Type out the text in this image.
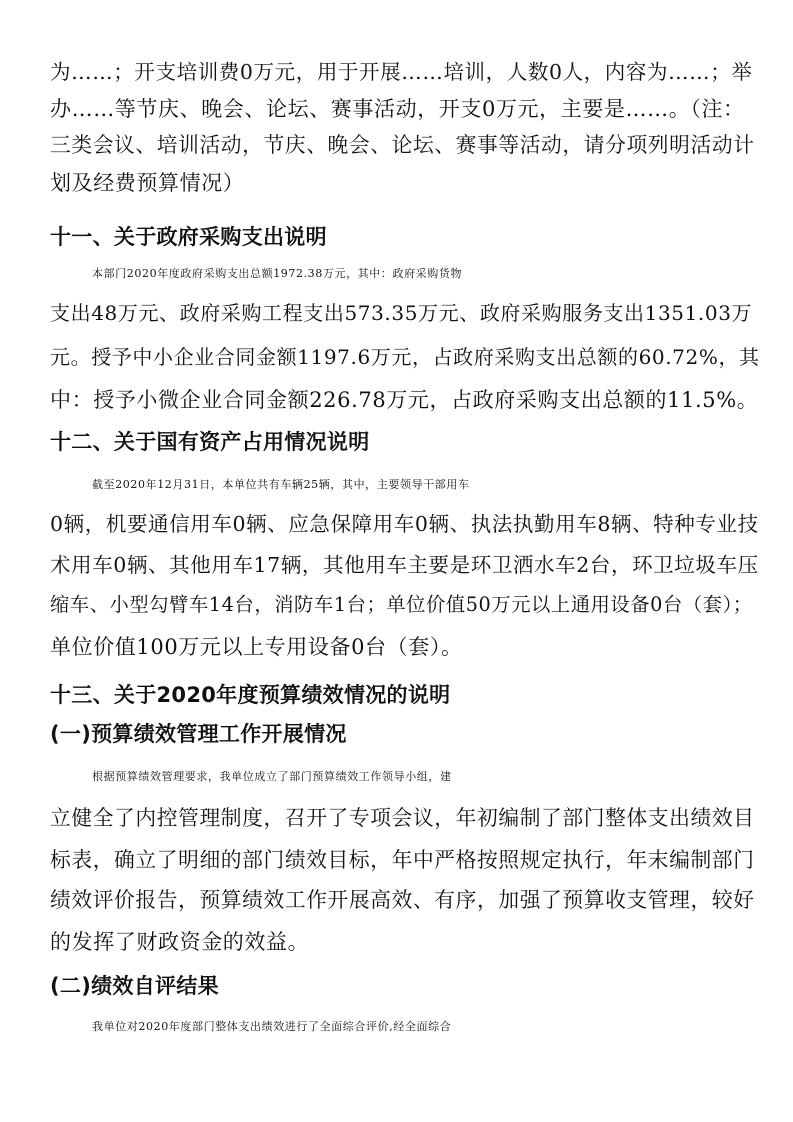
为……；开支培训费0万元，用于开展……培训，人数0人，内容为……；举
办……等节庆、晚会、论坛、赛事活动，开支0万元，主要是……。（注：
三类会议、培训活动，节庆、晚会、论坛、赛事等活动，请分项列明活动计
划及经费预算情况）
十一、关于政府采购支出说明
本部门2020年度政府采购支出总额1972.38万元，其中：政府采购货物
支出48万元、政府采购工程支出573.35万元、政府采购服务支出1351.03万
元。授予中小企业合同金额1197.6万元，占政府采购支出总额的60.72%，其
中：授予小微企业合同金额226.78万元，占政府采购支出总额的11.5%。
十二、关于国有资产占用情况说明
截至2020年12月31日，本单位共有车辆25辆，其中，主要领导干部用车
0辆，机要通信用车0辆、应急保障用车0辆、执法执勤用车8辆、特种专业技
术用车0辆、其他用车17辆，其他用车主要是环卫洒水车2台，环卫垃圾车压
缩车、小型勾臂车14台，消防车1台；单位价值50万元以上通用设备0台（套）；
单位价值100万元以上专用设备0台（套）。
十三、关于2020年度预算绩效情况的说明
(一)预算绩效管理工作开展情况
根据预算绩效管理要求，我单位成立了部门预算绩效工作领导小组，建
立健全了内控管理制度，召开了专项会议，年初编制了部门整体支出绩效目
标表，确立了明细的部门绩效目标，年中严格按照规定执行，年末编制部门
绩效评价报告，预算绩效工作开展高效、有序，加强了预算收支管理，较好
的发挥了财政资金的效益。
(二)绩效自评结果
我单位对2020年度部门整体支出绩效进行了全面综合评价,经全面综合
